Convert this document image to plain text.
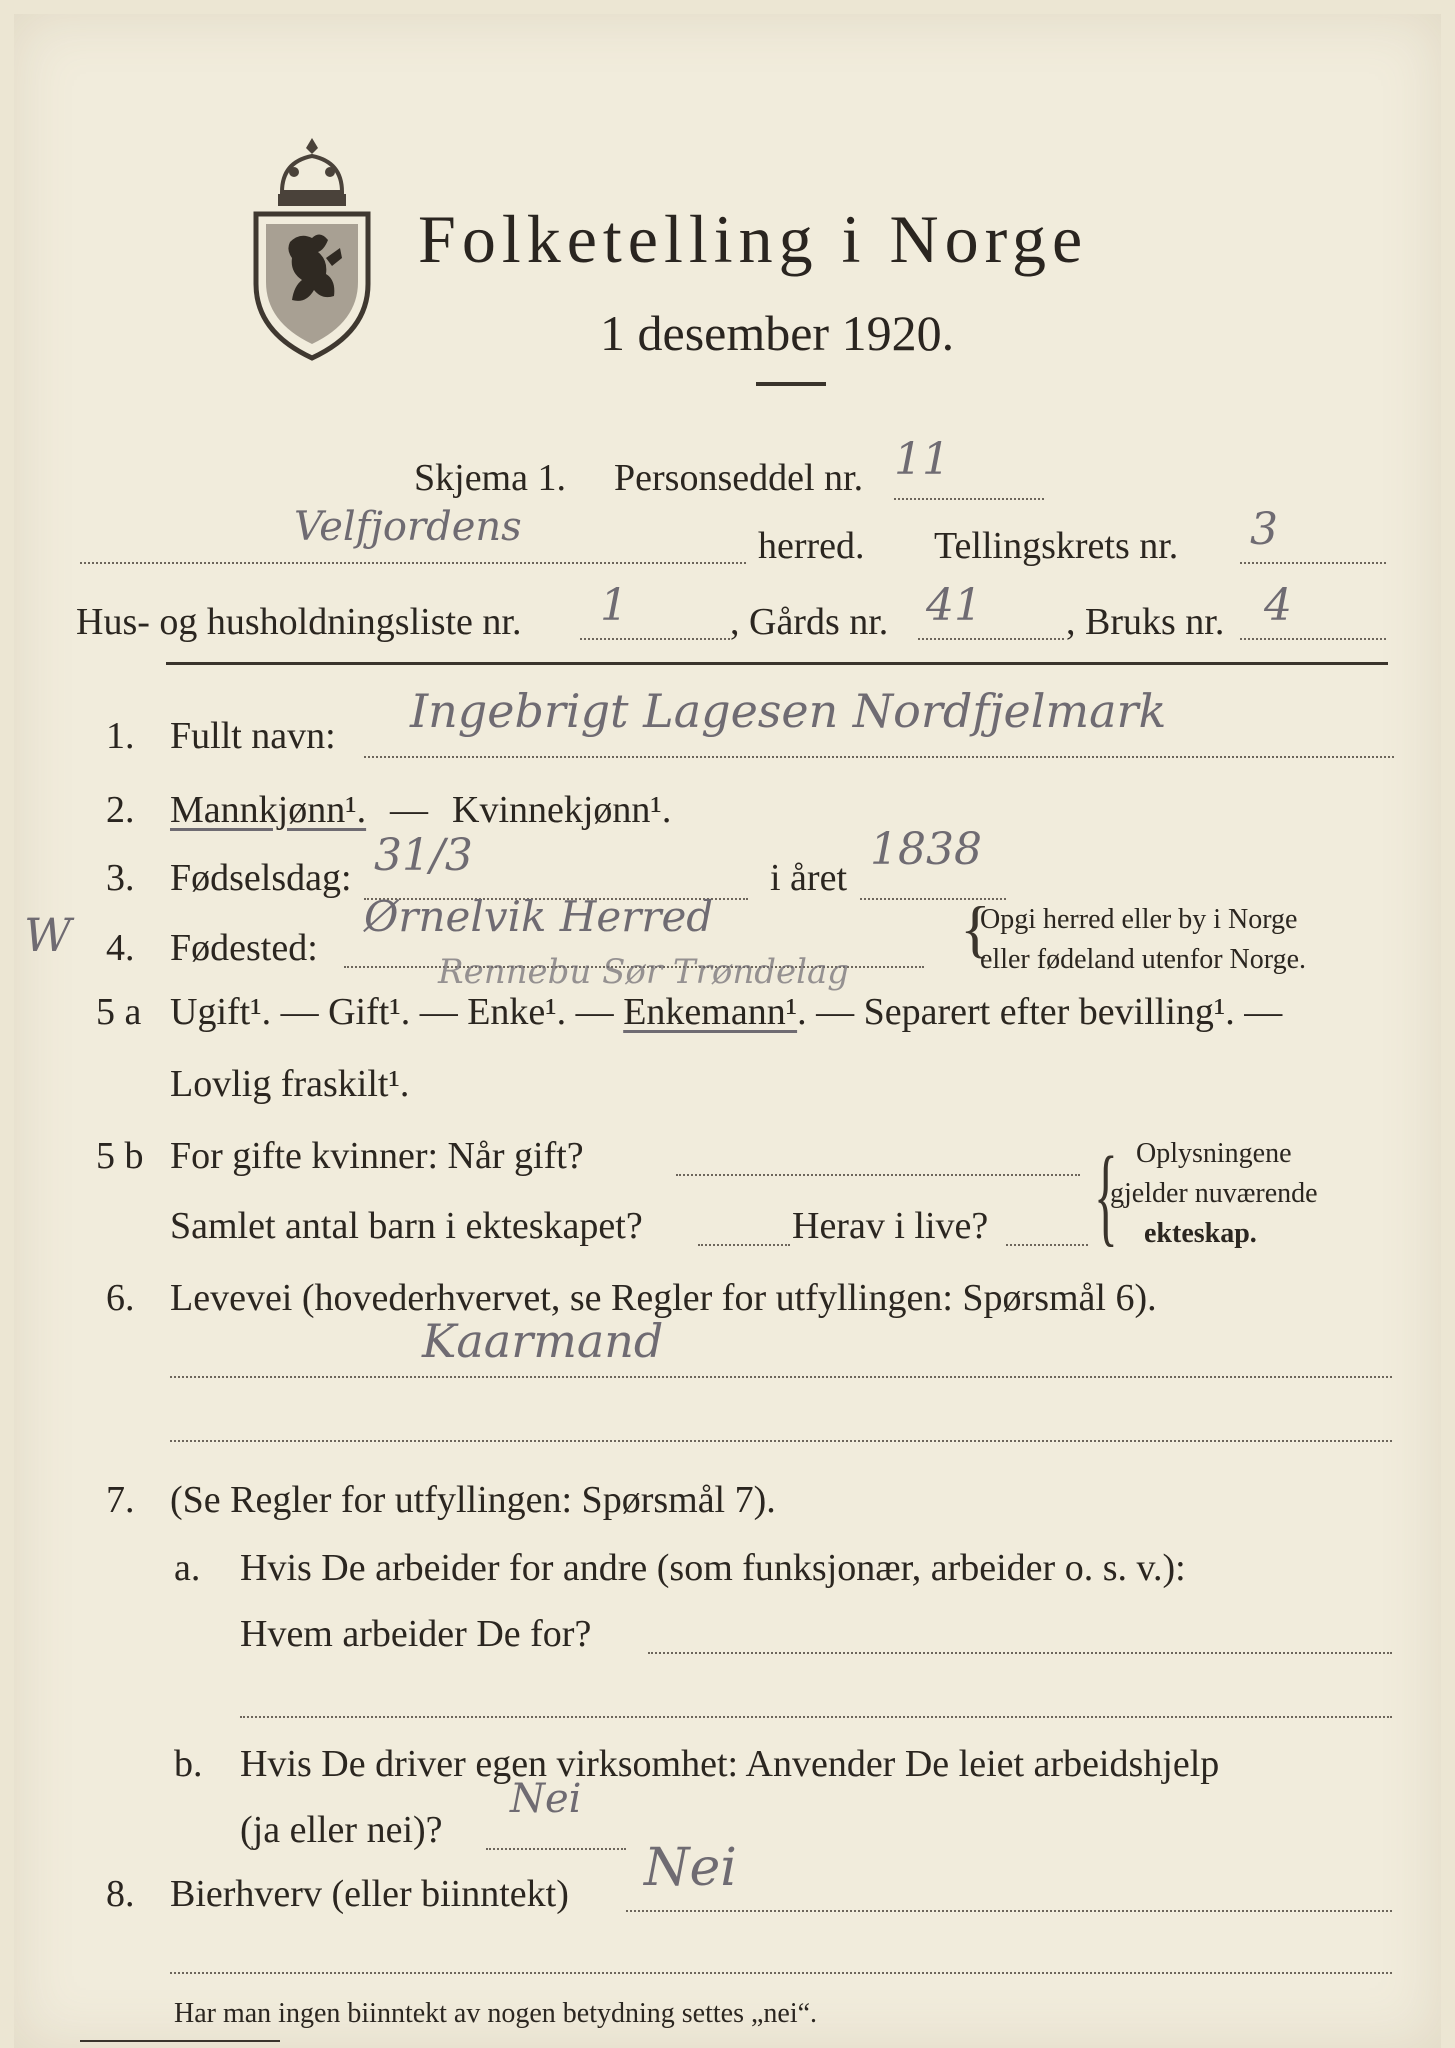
Folketelling i Norge
1 desember 1920.
Skjema 1. Personseddel nr. 11
Velfjordens	herred. Tellingskrets nr. 3
Hus- og husholdningsliste nr. 1	, Gårds nr. 41 , Bruks nr. 4
1. Fullt navn: Ingebrigt Lagesen Nordfjelmark
2. Mannkjønn¹. — Kvinnekjønn¹.
3. Fødselsdag: 31/3	i året
1838
W 4. Fødested:
Ørnelvik Herred
Rennebu Sør Trøndelag
{
Opgi herred eller by i Norge
eller fødeland utenfor Norge.
5 a Ugift¹. — Gift¹. — Enke¹. — Enkemann¹. — Separert efter bevilling¹. —
Lovlig fraskilt¹.
5 b For gifte kvinner: Når gift?
Samlet antal barn i ekteskapet?	Herav i live? { Oplysningene
gjelder nuværende
ekteskap.
6. Levevei (hovederhvervet, se Regler for utfyllingen: Spørsmål 6).
Kaarmand
7. (Se Regler for utfyllingen: Spørsmål 7).
a. Hvis De arbeider for andre (som funksjonær, arbeider o. s. v.):
Hvem arbeider De for?
b. Hvis De driver egen virksomhet: Anvender De leiet arbeidshjelp
(ja eller nei)?
Nei
8. Bierhverv (eller biinntekt) Nei
Har man ingen biinntekt av nogen betydning settes „nei“.
